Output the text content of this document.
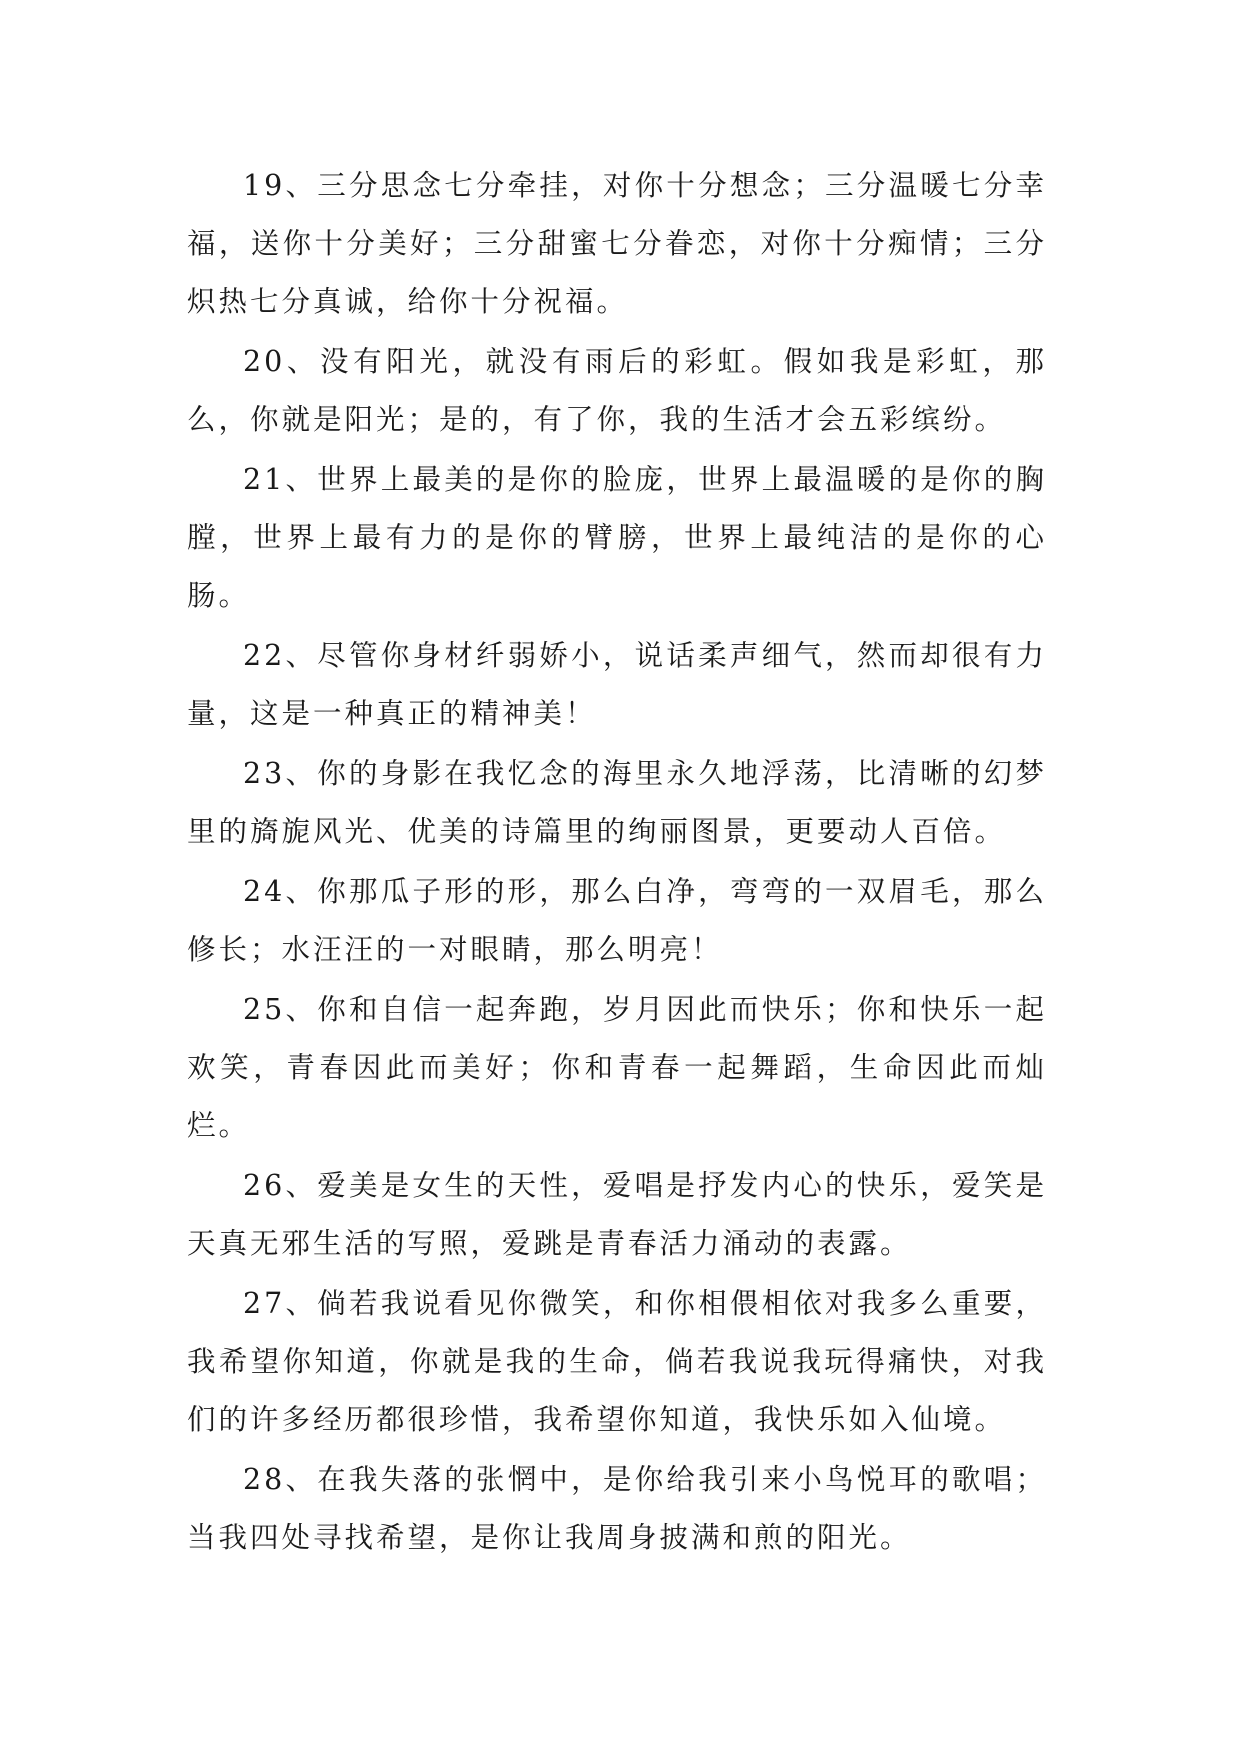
19、三分思念七分牵挂，对你十分想念；三分温暖七分幸福，送你十分美好；三分甜蜜七分眷恋，对你十分痴情；三分炽热七分真诚，给你十分祝福。

20、没有阳光，就没有雨后的彩虹。假如我是彩虹，那么，你就是阳光；是的，有了你，我的生活才会五彩缤纷。

21、世界上最美的是你的脸庞，世界上最温暖的是你的胸膛，世界上最有力的是你的臂膀，世界上最纯洁的是你的心肠。

22、尽管你身材纤弱娇小，说话柔声细气，然而却很有力量，这是一种真正的精神美！

23、你的身影在我忆念的海里永久地浮荡，比清晰的幻梦里的旖旎风光、优美的诗篇里的绚丽图景，更要动人百倍。

24、你那瓜子形的形，那么白净，弯弯的一双眉毛，那么修长；水汪汪的一对眼睛，那么明亮！

25、你和自信一起奔跑，岁月因此而快乐；你和快乐一起欢笑，青春因此而美好；你和青春一起舞蹈，生命因此而灿烂。

26、爱美是女生的天性，爱唱是抒发内心的快乐，爱笑是天真无邪生活的写照，爱跳是青春活力涌动的表露。

27、倘若我说看见你微笑，和你相偎相依对我多么重要，我希望你知道，你就是我的生命，倘若我说我玩得痛快，对我们的许多经历都很珍惜，我希望你知道，我快乐如入仙境。

28、在我失落的张惘中，是你给我引来小鸟悦耳的歌唱；当我四处寻找希望，是你让我周身披满和煎的阳光。
